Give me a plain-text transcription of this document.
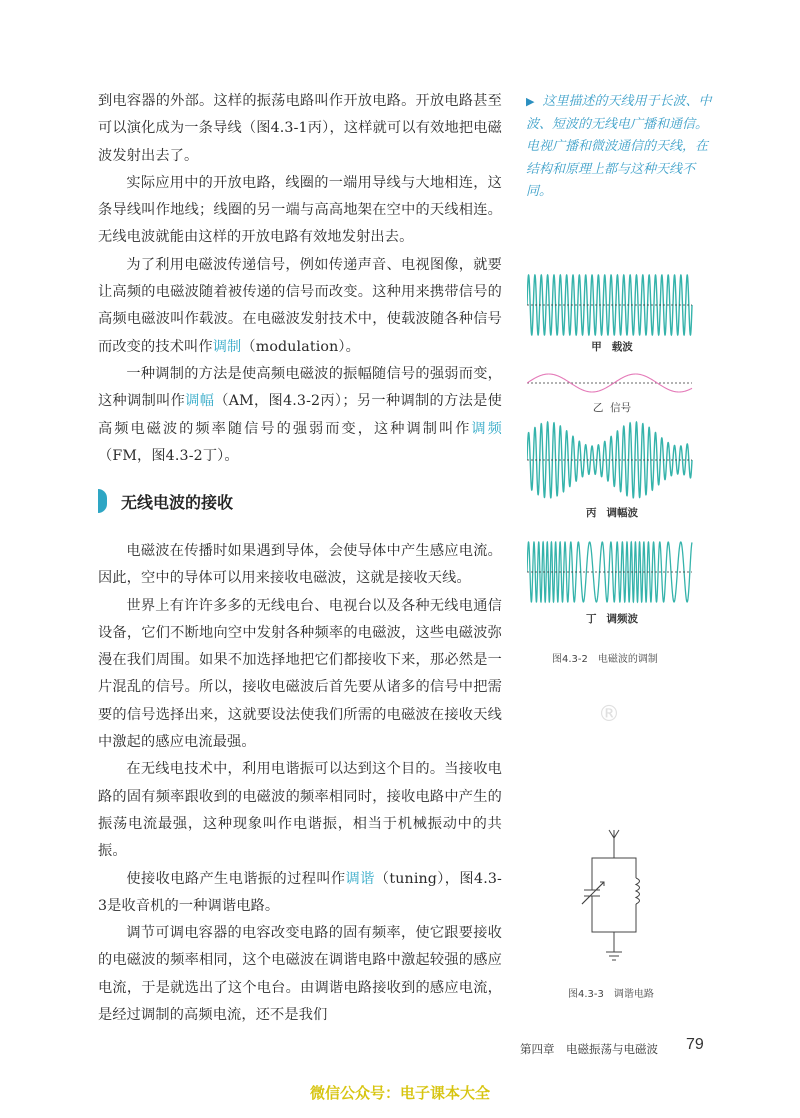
到电容器的外部。这样的振荡电路叫作开放电路。开放电路甚至可以演化成为一条导线（图4.3-1丙），这样就可以有效地把电磁波发射出去了。

实际应用中的开放电路，线圈的一端用导线与大地相连，这条导线叫作地线；线圈的另一端与高高地架在空中的天线相连。无线电波就能由这样的开放电路有效地发射出去。

为了利用电磁波传递信号，例如传递声音、电视图像，就要让高频的电磁波随着被传递的信号而改变。这种用来携带信号的高频电磁波叫作载波。在电磁波发射技术中，使载波随各种信号而改变的技术叫作调制（modulation）。

一种调制的方法是使高频电磁波的振幅随信号的强弱而变，这种调制叫作调幅（AM，图4.3-2丙）；另一种调制的方法是使高频电磁波的频率随信号的强弱而变，这种调制叫作调频（FM，图4.3-2丁）。

无线电波的接收

电磁波在传播时如果遇到导体，会使导体中产生感应电流。因此，空中的导体可以用来接收电磁波，这就是接收天线。

世界上有许许多多的无线电台、电视台以及各种无线电通信设备，它们不断地向空中发射各种频率的电磁波，这些电磁波弥漫在我们周围。如果不加选择地把它们都接收下来，那必然是一片混乱的信号。所以，接收电磁波后首先要从诸多的信号中把需要的信号选择出来，这就要设法使我们所需的电磁波在接收天线中激起的感应电流最强。

在无线电技术中，利用电谐振可以达到这个目的。当接收电路的固有频率跟收到的电磁波的频率相同时，接收电路中产生的振荡电流最强，这种现象叫作电谐振，相当于机械振动中的共振。

使接收电路产生电谐振的过程叫作调谐（tuning），图4.3-3是收音机的一种调谐电路。

调节可调电容器的电容改变电路的固有频率，使它跟要接收的电磁波的频率相同，这个电磁波在调谐电路中激起较强的感应电流，于是就选出了这个电台。由调谐电路接收到的感应电流，是经过调制的高频电流，还不是我们

▶ 这里描述的天线用于长波、中波、短波的无线电广播和通信。电视广播和微波通信的天线，在结构和原理上都与这种天线不同。
甲 载波
乙 信号
丙 调幅波
丁 调频波
图4.3-2　电磁波的调制
®
图4.3-3　调谐电路
第四章　电磁振荡与电磁波 79
微信公众号：电子课本大全
